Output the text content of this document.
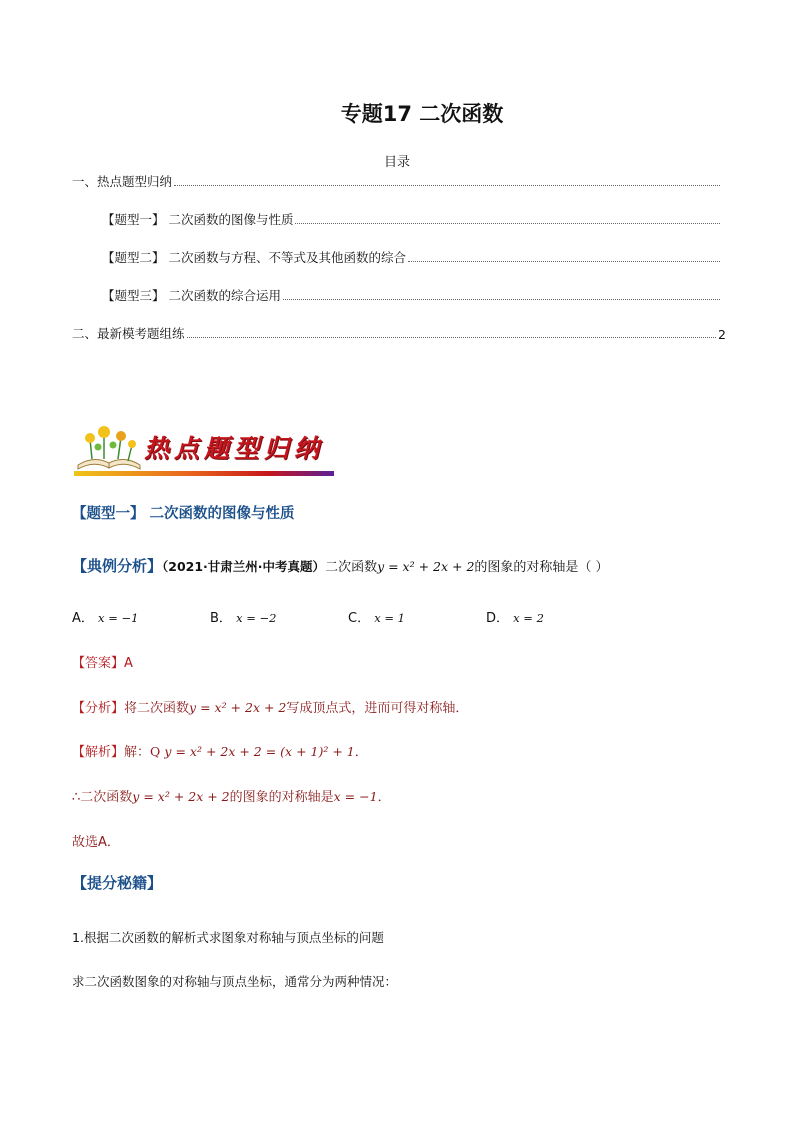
专题17 二次函数
目录
一、热点题型归纳
【题型一】 二次函数的图像与性质
【题型二】 二次函数与方程、不等式及其他函数的综合
【题型三】 二次函数的综合运用
二、最新模考题组练	2
热点题型归纳
【题型一】 二次函数的图像与性质
【典例分析】（2021·甘肃兰州·中考真题）二次函数y = x² + 2x + 2的图象的对称轴是（ ）
A． x = −1	B． x = −2	C． x = 1	D． x = 2
【答案】A
【分析】将二次函数y = x² + 2x + 2写成顶点式，进而可得对称轴．
【解析】解：Q y = x² + 2x + 2 = (x + 1)² + 1．
∴二次函数y = x² + 2x + 2的图象的对称轴是x = −1．
故选A．
【提分秘籍】
1.根据二次函数的解析式求图象对称轴与顶点坐标的问题
求二次函数图象的对称轴与顶点坐标，通常分为两种情况：
